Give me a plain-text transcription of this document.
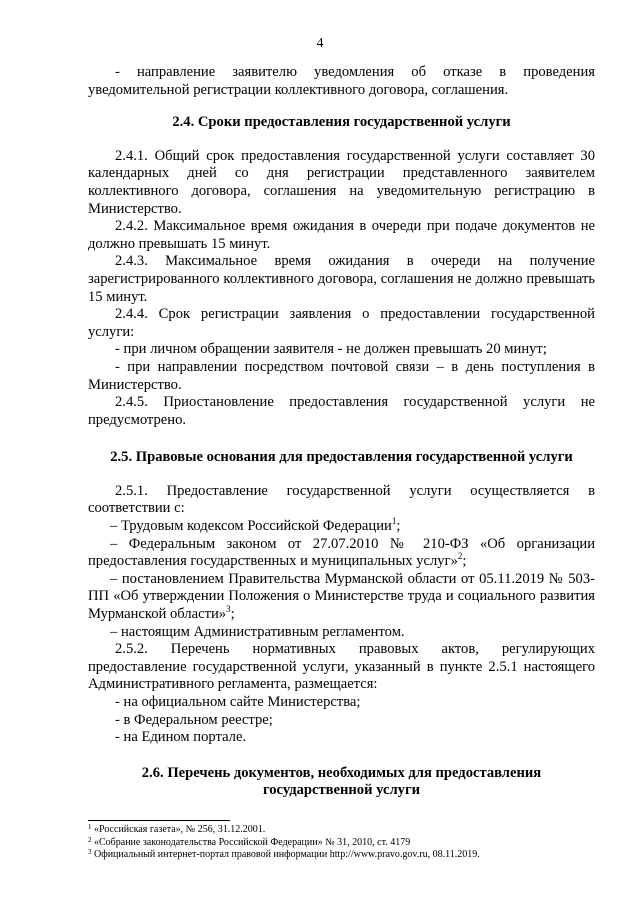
4

- направление заявителю уведомления об отказе в проведения уведомительной регистрации коллективного договора, соглашения.

2.4. Сроки предоставления государственной услуги

2.4.1. Общий срок предоставления государственной услуги составляет 30 календарных дней со дня регистрации представленного заявителем коллективного договора, соглашения на уведомительную регистрацию в Министерство.

2.4.2. Максимальное время ожидания в очереди при подаче документов не должно превышать 15 минут.

2.4.3. Максимальное время ожидания в очереди на получение зарегистрированного коллективного договора, соглашения не должно превышать 15 минут.

2.4.4. Срок регистрации заявления о предоставлении государственной услуги:

- при личном обращении заявителя - не должен превышать 20 минут;

- при направлении посредством почтовой связи – в день поступления в Министерство.

2.4.5. Приостановление предоставления государственной услуги не предусмотрено.

2.5. Правовые основания для предоставления государственной услуги

2.5.1. Предоставление государственной услуги осуществляется в соответствии с:

– Трудовым кодексом Российской Федерации$^1$;

– Федеральным законом от 27.07.2010 № 210-ФЗ «Об организации предоставления государственных и муниципальных услуг»$^2$;

– постановлением Правительства Мурманской области от 05.11.2019 № 503-ПП «Об утверждении Положения о Министерстве труда и социального развития Мурманской области»$^3$;

– настоящим Административным регламентом.

2.5.2. Перечень нормативных правовых актов, регулирующих предоставление государственной услуги, указанный в пункте 2.5.1 настоящего Административного регламента, размещается:

- на официальном сайте Министерства;

- в Федеральном реестре;

- на Едином портале.

2.6. Перечень документов, необходимых для предоставления
государственной услуги
$^1$ «Российская газета», № 256, 31.12.2001.
$^2$ «Собрание законодательства Российской Федерации» № 31, 2010, ст. 4179
$^3$ Официальный интернет-портал правовой информации http://www.pravo.gov.ru, 08.11.2019.
